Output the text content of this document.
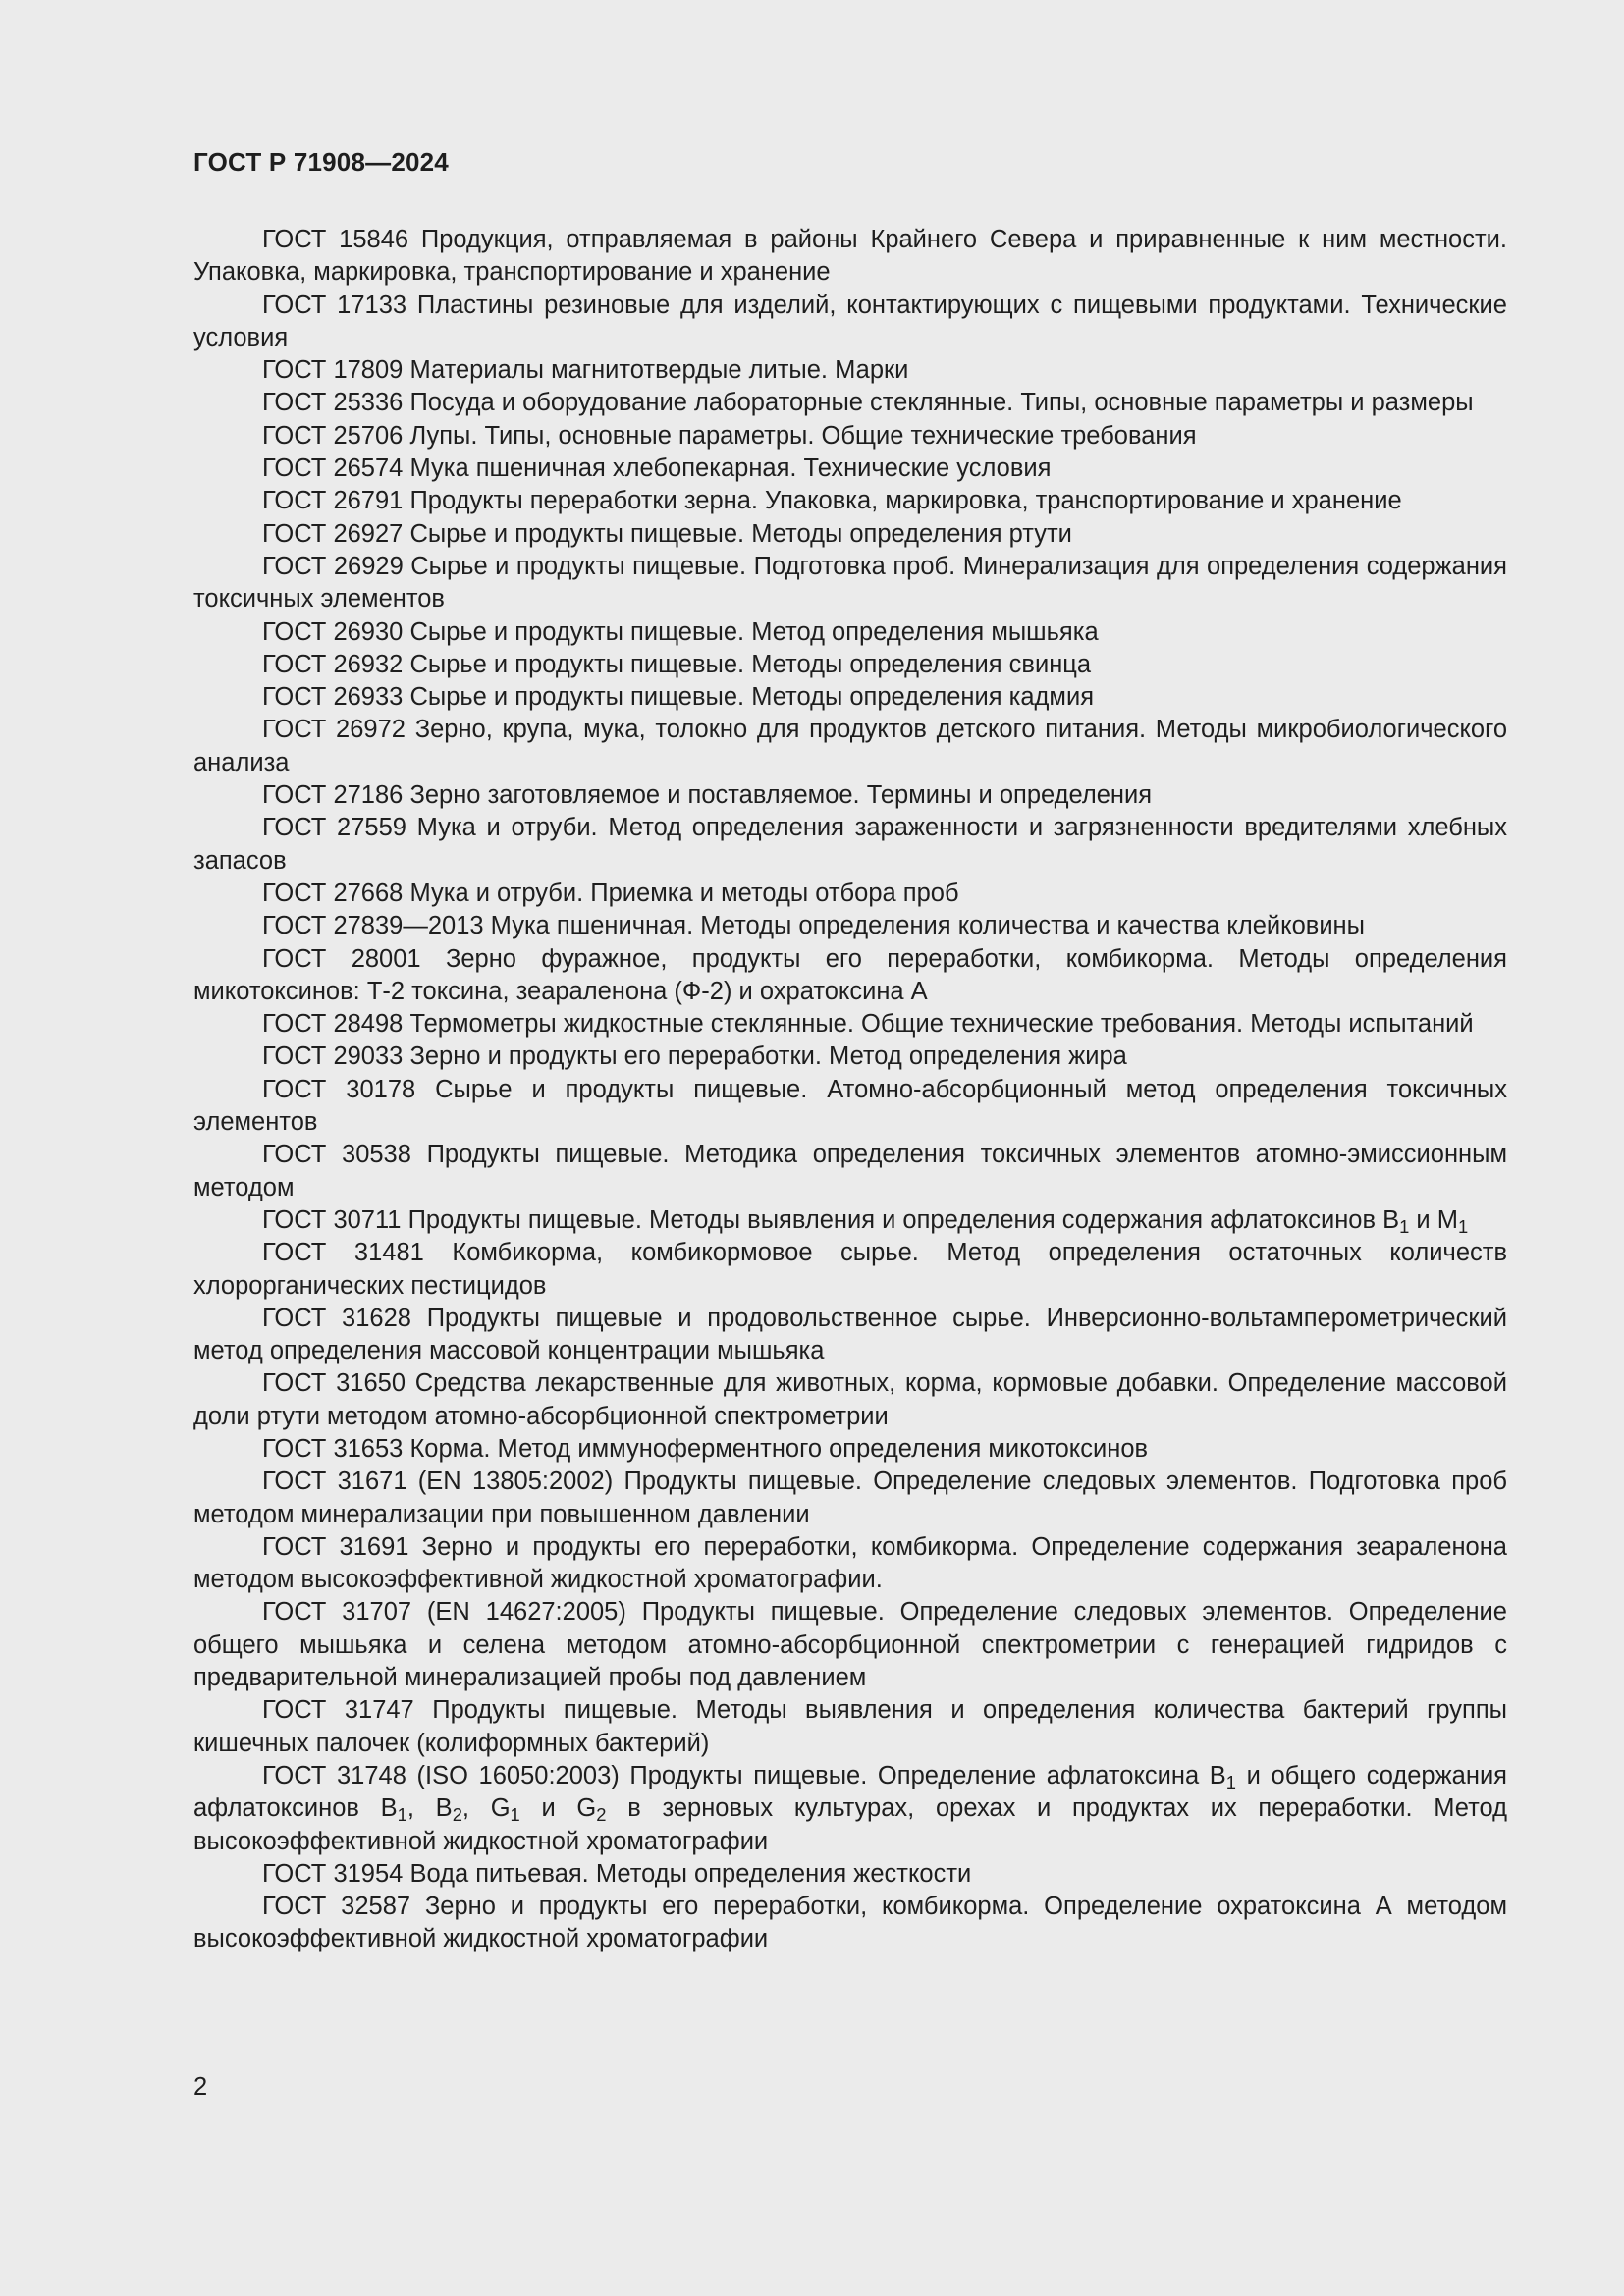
ГОСТ Р 71908—2024

ГОСТ 15846 Продукция, отправляемая в районы Крайнего Севера и приравненные к ним местности. Упаковка, маркировка, транспортирование и хранение

ГОСТ 17133 Пластины резиновые для изделий, контактирующих с пищевыми продуктами. Технические условия

ГОСТ 17809 Материалы магнитотвердые литые. Марки

ГОСТ 25336 Посуда и оборудование лабораторные стеклянные. Типы, основные параметры и размеры

ГОСТ 25706 Лупы. Типы, основные параметры. Общие технические требования

ГОСТ 26574 Мука пшеничная хлебопекарная. Технические условия

ГОСТ 26791 Продукты переработки зерна. Упаковка, маркировка, транспортирование и хранение

ГОСТ 26927 Сырье и продукты пищевые. Методы определения ртути

ГОСТ 26929 Сырье и продукты пищевые. Подготовка проб. Минерализация для определения содержания токсичных элементов

ГОСТ 26930 Сырье и продукты пищевые. Метод определения мышьяка

ГОСТ 26932 Сырье и продукты пищевые. Методы определения свинца

ГОСТ 26933 Сырье и продукты пищевые. Методы определения кадмия

ГОСТ 26972 Зерно, крупа, мука, толокно для продуктов детского питания. Методы микробиологического анализа

ГОСТ 27186 Зерно заготовляемое и поставляемое. Термины и определения

ГОСТ 27559 Мука и отруби. Метод определения зараженности и загрязненности вредителями хлебных запасов

ГОСТ 27668 Мука и отруби. Приемка и методы отбора проб

ГОСТ 27839—2013 Мука пшеничная. Методы определения количества и качества клейковины

ГОСТ 28001 Зерно фуражное, продукты его переработки, комбикорма. Методы определения микотоксинов: Т-2 токсина, зеараленона (Ф-2) и охратоксина А

ГОСТ 28498 Термометры жидкостные стеклянные. Общие технические требования. Методы испытаний

ГОСТ 29033 Зерно и продукты его переработки. Метод определения жира

ГОСТ 30178 Сырье и продукты пищевые. Атомно-абсорбционный метод определения токсичных элементов

ГОСТ 30538 Продукты пищевые. Методика определения токсичных элементов атомно-эмиссионным методом

ГОСТ 30711 Продукты пищевые. Методы выявления и определения содержания афлатоксинов $B_1$ и $M_1$

ГОСТ 31481 Комбикорма, комбикормовое сырье. Метод определения остаточных количеств хлорорганических пестицидов

ГОСТ 31628 Продукты пищевые и продовольственное сырье. Инверсионно-вольтамперометрический метод определения массовой концентрации мышьяка

ГОСТ 31650 Средства лекарственные для животных, корма, кормовые добавки. Определение массовой доли ртути методом атомно-абсорбционной спектрометрии

ГОСТ 31653 Корма. Метод иммуноферментного определения микотоксинов

ГОСТ 31671 (EN 13805:2002) Продукты пищевые. Определение следовых элементов. Подготовка проб методом минерализации при повышенном давлении

ГОСТ 31691 Зерно и продукты его переработки, комбикорма. Определение содержания зеараленона методом высокоэффективной жидкостной хроматографии.

ГОСТ 31707 (EN 14627:2005) Продукты пищевые. Определение следовых элементов. Определение общего мышьяка и селена методом атомно-абсорбционной спектрометрии с генерацией гидридов с предварительной минерализацией пробы под давлением

ГОСТ 31747 Продукты пищевые. Методы выявления и определения количества бактерий группы кишечных палочек (колиформных бактерий)

ГОСТ 31748 (ISO 16050:2003) Продукты пищевые. Определение афлатоксина $B_1$ и общего содержания афлатоксинов $B_1$, $B_2$, $G_1$ и $G_2$ в зерновых культурах, орехах и продуктах их переработки. Метод высокоэффективной жидкостной хроматографии

ГОСТ 31954 Вода питьевая. Методы определения жесткости

ГОСТ 32587 Зерно и продукты его переработки, комбикорма. Определение охратоксина А методом высокоэффективной жидкостной хроматографии

2
